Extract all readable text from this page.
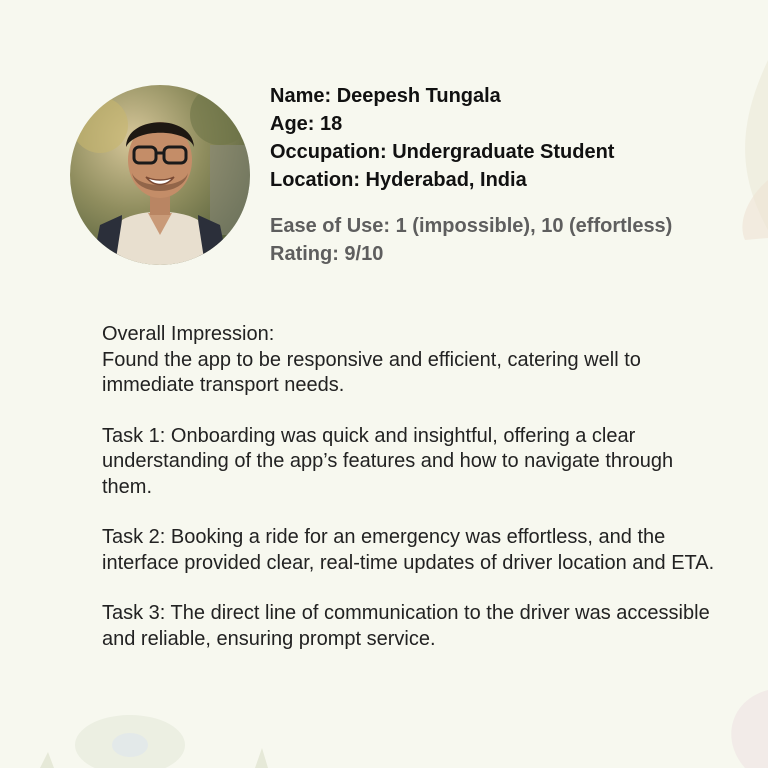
Name: Deepesh Tungala
Age: 18
Occupation: Undergraduate Student
Location: Hyderabad, India
Ease of Use: 1 (impossible), 10 (effortless)
Rating: 9/10

Overall Impression:

Found the app to be responsive and efficient, catering well to immediate transport needs.

Task 1: Onboarding was quick and insightful, offering a clear understanding of the app’s features and how to navigate through them.

Task 2: Booking a ride for an emergency was effortless, and the interface provided clear, real-time updates of driver location and ETA.

Task 3: The direct line of communication to the driver was accessible and reliable, ensuring prompt service.
